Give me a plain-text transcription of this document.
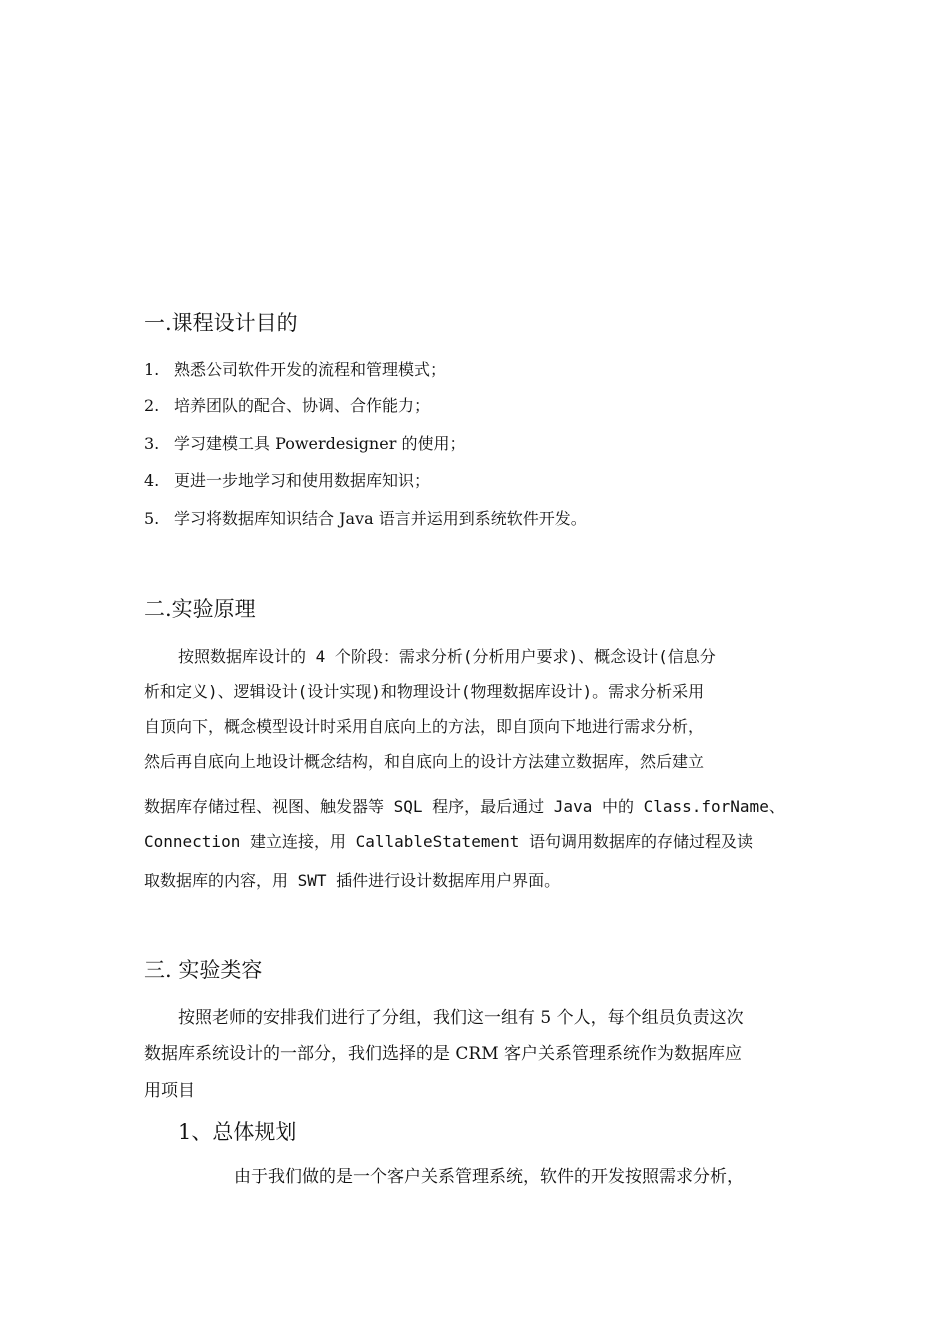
一.课程设计目的
1. 熟悉公司软件开发的流程和管理模式；
2. 培养团队的配合、协调、合作能力；
3. 学习建模工具 Powerdesigner 的使用；
4. 更进一步地学习和使用数据库知识；
5. 学习将数据库知识结合 Java 语言并运用到系统软件开发。
二.实验原理
按照数据库设计的 4 个阶段：需求分析(分析用户要求)、概念设计(信息分
析和定义)、逻辑设计(设计实现)和物理设计(物理数据库设计)。需求分析采用
自顶向下，概念模型设计时采用自底向上的方法，即自顶向下地进行需求分析，
然后再自底向上地设计概念结构，和自底向上的设计方法建立数据库，然后建立
数据库存储过程、视图、触发器等 SQL 程序，最后通过 Java 中的 Class.forName、
Connection 建立连接，用 CallableStatement 语句调用数据库的存储过程及读
取数据库的内容，用 SWT 插件进行设计数据库用户界面。
三. 实验类容
按照老师的安排我们进行了分组，我们这一组有 5 个人，每个组员负责这次
数据库系统设计的一部分，我们选择的是 CRM 客户关系管理系统作为数据库应
用项目
1、总体规划
由于我们做的是一个客户关系管理系统，软件的开发按照需求分析，
